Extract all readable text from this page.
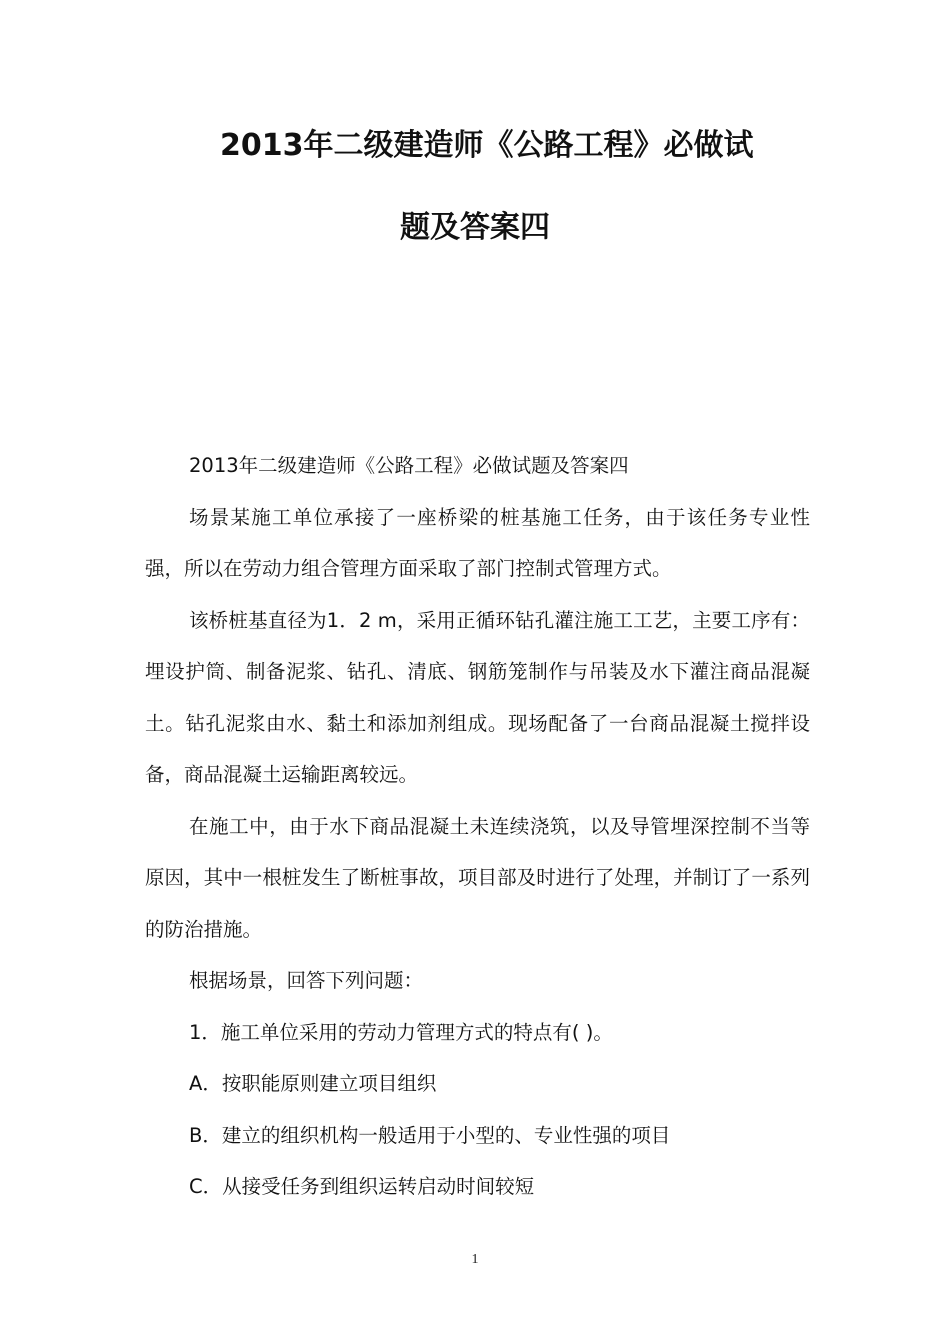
2013年二级建造师《公路工程》必做试
题及答案四

2013年二级建造师《公路工程》必做试题及答案四

场景某施工单位承接了一座桥梁的桩基施工任务，由于该任务专业性强，所以在劳动力组合管理方面采取了部门控制式管理方式。

该桥桩基直径为1．2 m，采用正循环钻孔灌注施工工艺，主要工序有：埋设护筒、制备泥浆、钻孔、清底、钢筋笼制作与吊装及水下灌注商品混凝土。钻孔泥浆由水、黏土和添加剂组成。现场配备了一台商品混凝土搅拌设备，商品混凝土运输距离较远。

在施工中，由于水下商品混凝土未连续浇筑，以及导管埋深控制不当等原因，其中一根桩发生了断桩事故，项目部及时进行了处理，并制订了一系列的防治措施。

根据场景，回答下列问题：

1．施工单位采用的劳动力管理方式的特点有( )。

A．按职能原则建立项目组织

B．建立的组织机构一般适用于小型的、专业性强的项目

C．从接受任务到组织运转启动时间较短

1
